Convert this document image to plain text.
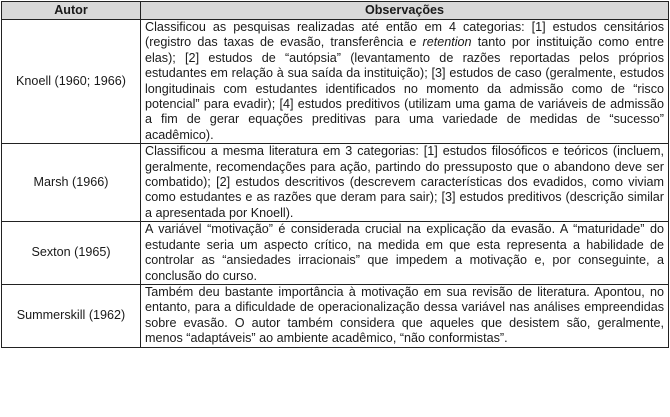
Autor	Observações
Knoell (1960; 1966)	Classificou as pesquisas realizadas até então em 4 categorias: [1] estudos censitários (registro das taxas de evasão, transferência e retention tanto por instituição como entre elas); [2] estudos de “autópsia” (levantamento de razões reportadas pelos próprios estudantes em relação à sua saída da instituição); [3] estudos de caso (geralmente, estudos longitudinais com estudantes identificados no momento da admissão como de “risco potencial” para evadir); [4] estudos preditivos (utilizam uma gama de variáveis de admissão a fim de gerar equações preditivas para uma variedade de medidas de “sucesso” acadêmico).
Marsh (1966)	Classificou a mesma literatura em 3 categorias: [1] estudos filosóficos e teóricos (incluem, geralmente, recomendações para ação, partindo do pressuposto que o abandono deve ser combatido); [2] estudos descritivos (descrevem características dos evadidos, como viviam como estudantes e as razões que deram para sair); [3] estudos preditivos (descrição similar a apresentada por Knoell).
Sexton (1965)	A variável “motivação” é considerada crucial na explicação da evasão. A “maturidade” do estudante seria um aspecto crítico, na medida em que esta representa a habilidade de controlar as “ansiedades irracionais” que impedem a motivação e, por conseguinte, a conclusão do curso.
Summerskill (1962)	Também deu bastante importância à motivação em sua revisão de literatura. Apontou, no entanto, para a dificuldade de operacionalização dessa variável nas análises empreendidas sobre evasão. O autor também considera que aqueles que desistem são, geralmente, menos “adaptáveis” ao ambiente acadêmico, “não conformistas”.
